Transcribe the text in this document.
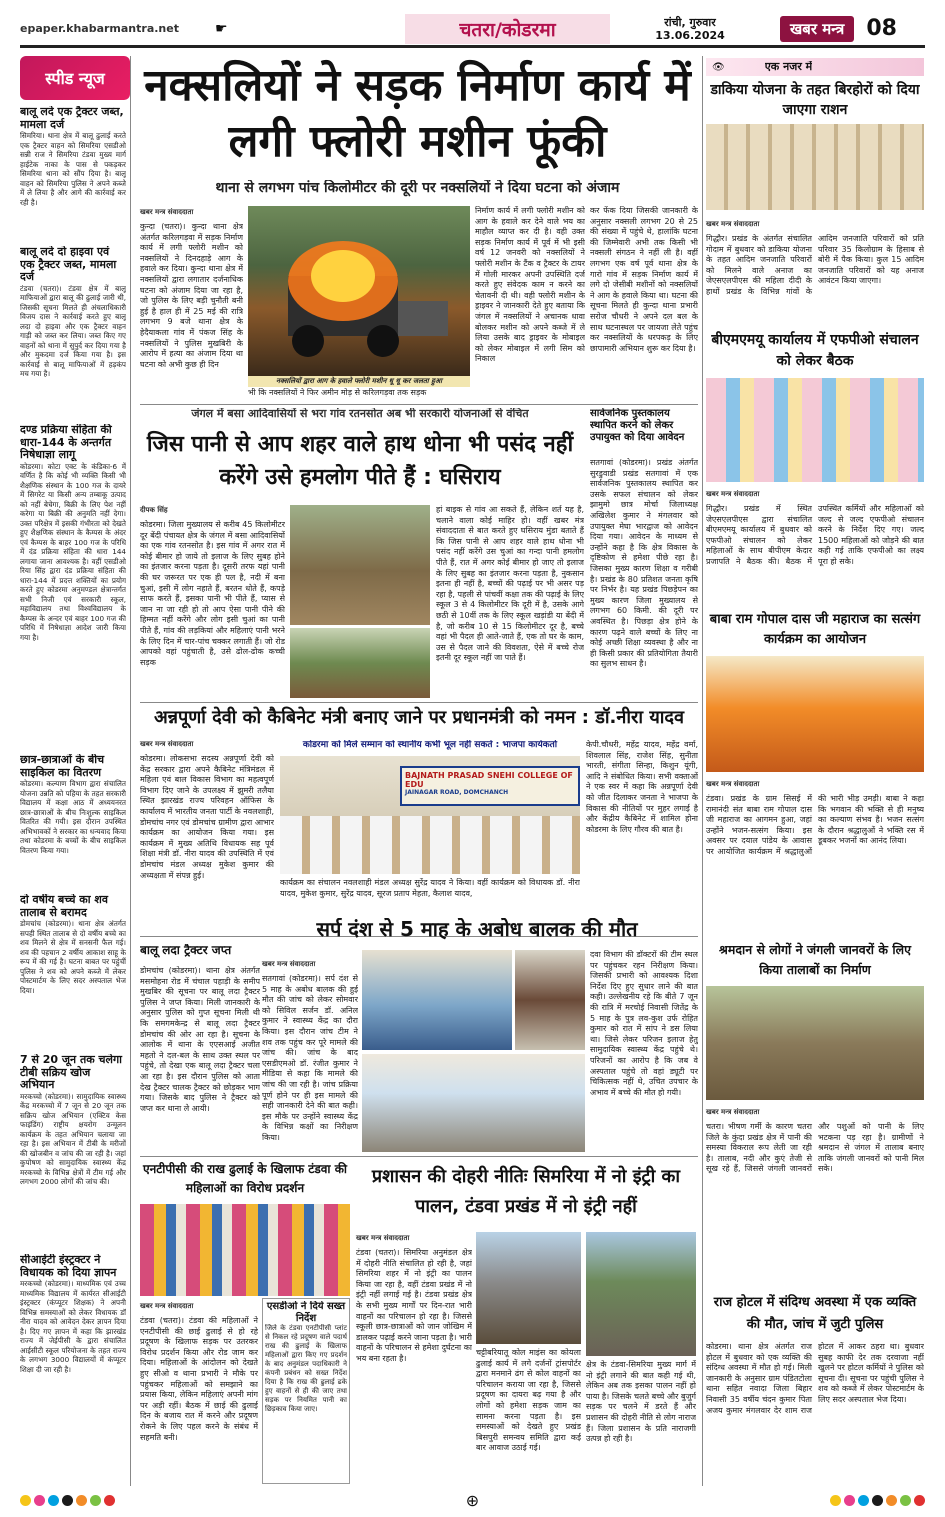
epaper.khabarmantra.net	☛	चतरा/कोडरमा	रांची, गुरुवार
13.06.2024	खबर मन्त्र	08
स्पीड न्यूज
बालू लदे एक ट्रैक्टर जब्त, मामला दर्ज
सिमरिया। थाना क्षेत्र में बालू ढुलाई करते एक ट्रैक्टर वाहन को सिमरिया एसडीओ सन्नी राज ने सिमरिया टंडवा मुख्य मार्ग हाईटेक नाका के पास से पकड़कर सिमरिया थाना को सौंप दिया है। बालू वाहन को सिमरिया पुलिस ने अपने कब्जे में ले लिया है और आगे की कार्रवाई कर रही है।
बालू लदे दो हाइवा एवं एक ट्रैक्टर जब्त, मामला दर्ज
टंडवा (चतरा)। टंडवा क्षेत्र में बालू माफियाओं द्वारा बालू की ढुलाई जारी थी, जिसकी सूचना मिलते ही अंचलाधिकारी विजय दास ने कार्रवाई करते हुए बालू लदा दो हाइवा और एक ट्रैक्टर वाहन गाड़ी को जब्त कर लिया। जब्त किए गए वाहनों को थाना में सुपुर्द कर दिया गया है और मुकदमा दर्ज किया गया है। इस कार्रवाई से बालू माफियाओं में हड़कंप मच गया है।
दण्ड प्रक्रिया संहिता की धारा-144 के अन्तर्गत निषेधाज्ञा लागू
कोडरमा। कोटा एक्ट के कंडिका-6 में वर्णित है कि कोई भी व्यक्ति किसी भी शैक्षणिक संस्थान के 100 गज के दायरे में सिगरेट या किसी अन्य तम्बाकू उत्पाद को नहीं बेचेगा, बिक्री के लिए पेश नहीं करेगा या बिक्री की अनुमति नहीं देगा। उक्त परिक्षेत्र में इसकी गंभीरता को देखते हुए शैक्षणिक संस्थान के कैम्पस के अंदर एवं कैम्पस के बाहर 100 गज के परिधि में दंड प्रक्रिया संहिता की धारा 144 लगाया जाना आवश्यक है। वहीं एसडीओ रिया सिंह द्वारा दंड प्रक्रिया संहिता की धारा-144 में प्रदत्त शक्तियों का प्रयोग करते हुए कोडरमा अनुमण्डल क्षेत्रान्तर्गत सभी निजी एवं सरकारी स्कूल, महाविद्यालय तथा विश्वविद्यालय के कैम्पस के अन्दर एवं बाहर 100 गज की परिधि में निषेधाज्ञा आदेश जारी किया गया है।
छात्र-छात्राओं के बीच साइकिल का वितरण
कोडरमा। कल्याण विभाग द्वारा संचालित योजना उन्नति को पहिया के तहत सरकारी विद्यालय में कक्षा आठ में अध्ययनरत छात्र-छात्राओं के बीच निःशुल्क साइकिल वितरित की गयी। इस दौरान उपस्थित अभिभावकों ने सरकार का धन्यवाद किया तथा कोडरमा के बच्चों के बीच साइकिल वितरण किया गया।
दो वर्षीय बच्चे का शव तालाब से बरामद
डोमचांच (कोडरमा)। थाना क्षेत्र अंतर्गत सपही स्थित तालाब से दो वर्षीय बच्चे का शव मिलने से क्षेत्र में सनसनी फैल गई। शव की पहचान 2 वर्षीय आकाश साहू के रूप में की गई है। घटना बाबत पर पहुंचीं पुलिस ने शव को अपने कब्जे में लेकर पोस्टमार्टम के लिए सदर अस्पताल भेज दिया।
7 से 20 जून तक चलेगा टीबी सक्रिय खोज अभियान
मरकच्चो (कोडरमा)। सामुदायिक स्वास्थ्य केंद्र मरकच्चो में 7 जून से 20 जून तक सक्रिय खोज अभियान (एक्टिव केस फाइंडिंग) राष्ट्रीय क्षयरोग उन्मूलन कार्यक्रम के तहत अभियान चलाया जा रहा है। इस अभियान में टीबी के मरीजों की खोजबीन व जांच की जा रही है। जहां कुपोषण को सामुदायिक स्वास्थ्य केंद्र मरकच्चो के विभिन्न क्षेत्रों में टीम गई और लगभग 2000 लोगों की जांच की।
सीआईटी इंस्ट्रक्टर ने विधायक को दिया ज्ञापन
मरकच्चो (कोडरमा)। माध्यमिक एवं उच्च माध्यमिक विद्यालय में कार्यरत सीआईटी इंस्ट्रक्टर (कंप्यूटर शिक्षक) ने अपनी विभिन्न समस्याओं को लेकर विधायक डॉ नीरा यादव को आवेदन देकर ज्ञापन दिया है। दिए गए ज्ञापन में कहा कि झारखंड राज्य में जेईपीसी के द्वारा संचालित आईसीटी स्कूल परियोजना के तहत राज्य के लगभग 3000 विद्यालयों में कंप्यूटर शिक्षा दी जा रही है।
नक्सलियों ने सड़क निर्माण कार्य में लगी फ्लोरी मशीन फूंकी
थाना से लगभग पांच किलोमीटर की दूरी पर नक्सलियों ने दिया घटना को अंजाम
खबर मन्त्र संवाददाता
कुन्दा (चतरा)। कुन्दा थाना क्षेत्र अंतर्गत करिलगड़वा में सड़क निर्माण कार्य में लगी फ्लोरी मशीन को नक्सलियों ने दिनदहाड़े आग के हवाले कर दिया। कुन्दा थाना क्षेत्र में नक्सलियों द्वारा लगातार दर्जनाधिक घटना को अंजाम दिया जा रहा है, जो पुलिस के लिए बड़ी चुनौती बनी हुई है हाल ही में 25 मई की रात्रि लगभग 9 बजे थाना क्षेत्र के हेदैयाकला गांव में पंकज सिंह के नक्सलियों ने पुलिस मुखबिरी के आरोप में हत्या का अंजाम दिया था घटना को अभी कुछ ही दिन
नक्सलियों द्वारा आग के हवाले फ्लोरी मशीन धू धू कर जलता हुआ
भी कि नक्सलियों ने फिर अमीन मोड़ से करिलगड़वा तक सड़क
निर्माण कार्य में लगी फ्लोरी मशीन को आग के हवाले कर देने वाले भय का माहौल व्याप्त कर दी है। वही उक्त सड़क निर्माण कार्य में पूर्व में भी इसी वर्ष 12 जनवरी को नक्सलियों ने फ्लोरी मशीन के टैंक व ट्रैक्टर के टायर में गोली मारकर अपनी उपस्थिति दर्ज करते हुए संवेदक काम न करने का चेतावनी दी थी। वही फ्लोरी मशीन के ड्राइवर ने जानकारी देते हुए बताया कि जंगल में नक्सलियों ने अचानक धावा बोलकर मशीन को अपने कब्जे में ले लिया उसके बाद ड्राइवर के मोबाइल को लेकर मोबाइल में लगी सिम को निकाल
कर फेंक दिया जिसकी जानकारी के अनुसार नक्सली लगभग 20 से 25 की संख्या में पहुंचे थे, हालांकि घटना की जिम्मेवारी अभी तक किसी भी नक्सली संगठन ने नहीं ली है। वहीं लगभग एक वर्ष पूर्व थाना क्षेत्र के गारो गांव में सड़क निर्माण कार्य में लगे दो जेसीबी मशीनों को नक्सलियों ने आग के हवाले किया था। घटना की सूचना मिलते ही कुन्दा थाना प्रभारी सरोज चौधरी ने अपने दल बल के साथ घटनास्थल पर जायजा लेते पहुंच कर नक्सलियों के धरपकड़ के लिए छापामारी अभियान शुरू कर दिया है।
जंगल में बसा आदिवासियों से भरा गांव रतनसोत अब भी सरकारी योजनाओं से वंचित
जिस पानी से आप शहर वाले हाथ धोना भी पसंद नहीं करेंगे उसे हमलोग पीते हैं : घसिराय
दीपक सिंह
कोडरमा। जिला मुख्यालय से करीब 45 किलोमीटर दूर बेंदी पंचायत क्षेत्र के जंगल में बसा आदिवासियों का एक गांव रतनसोत है। इस गांव में अगर रात में कोई बीमार हो जाये तो इलाज के लिए सुबह होने का इंतजार करना पड़ता है। दूसरी तरफ यहां पानी की घर जरूरत पर एक ही पल है, नदी में बना चुआं, इसी में लोग नहाते हैं, बरतन धोते हैं, कपड़े साफ करते हैं, इसका पानी भी पीते हैं, प्यास से जान ना जा रही हो तो आप ऐसा पानी पीने की हिम्मत नहीं करेंगे और लोग इसी चुआं का पानी पीते हैं, गांव की लड़कियां और महिलाएं पानी भरने के लिए दिन में चार-पांच चक्कर लगाती हैं। जो रोड आपको वहां पहुंचाती है, उसे ढोल-ढोक कच्ची सड़क
हां बाइक से गांव आ सकते हैं, लेकिन शर्त यह है, चलाने वाला कोई माहिर हो। वहीं खबर मंत्र संवाददाता से बात करते हुए घसिराय मुंडा बताते हैं कि जिस पानी से आप शहर वाले हाथ धोना भी पसंद नहीं करेंगे उस चुआं का गन्दा पानी हमलोग पीते हैं, रात में अगर कोई बीमार हो जाए तो इलाज के लिए सुबह का इंतजार करना पड़ता है, नुकसान इतना ही नहीं है, बच्चों की पढ़ाई पर भी असर पड़ रहा है, पहली से पांचवीं कक्षा तक की पढ़ाई के लिए स्कूल 3 से 4 किलोमीटर कि दूरी में है, उसके आगे छठी से 10वीं तक के लिए स्कूल खड़ांडी या बेंदी में है, जो करीब 10 से 15 किलोमीटर दूर है, बच्चे वहां भी पैदल ही आते-जाते हैं, एक तो घर के काम, उस से पैदल जाने की विवशता, ऐसे में बच्चे रोज इतनी दूर स्कूल नहीं जा पाते हैं।
सार्वजनिक पुस्तकालय स्थापित करने को लेकर उपायुक्त को दिया आवेदन
सतगावां (कोडरमा)। प्रखंड अंतर्गत सुरडुवाडी प्रखंड सतगावां में एक सार्वजनिक पुस्तकालय स्थापित कर उसके सफल संचालन को लेकर झामुमो छात्र मोर्चा जिलाध्यक्ष अखिलेश कुमार ने मंगलवार को उपायुक्त मेघा भारद्वाज को आवेदन दिया गया। आवेदन के माध्यम से उन्होंने कहा है कि क्षेत्र विकास के दृष्टिकोण से हमेशा पीछे रहा है। जिसका मुख्य कारण शिक्षा व गरीबी है। प्रखंड के 80 प्रतिशत जनता कृषि पर निर्भर है। यह प्रखंड पिछड़ेपन का मुख्य कारण जिला मुख्यालय से लगभग 60 किमी. की दूरी पर अवस्थित है। पिछड़ा क्षेत्र होने के कारण पढ़ने वाले बच्चों के लिए ना कोई अच्छी शिक्षा व्यवस्था है और ना ही किसी प्रकार की प्रतियोगिता तैयारी का सुलभ साधन है।
अन्नपूर्णा देवी को कैबिनेट मंत्री बनाए जाने पर प्रधानमंत्री को नमन : डॉ.नीरा यादव
खबर मन्त्र संवाददाता
कोडरमा। लोकसभा सदस्य अन्नपूर्णा देवी को केंद्र सरकार द्वारा अपने कैबिनेट मंत्रिमंडल में महिला एवं बाल विकास विभाग का महत्वपूर्ण विभाग दिए जाने के उपलक्ष्य में झुमरी तलैया स्थित झारखंड राज्य परिवहन ऑफिस के कार्यालय में भारतीय जनता पार्टी के नवलशाही, डोमचांच नगर एवं डोमचांच ग्रामीण द्वारा आभार कार्यक्रम का आयोजन किया गया। इस कार्यक्रम में मुख्य अतिथि विधायक सह पूर्व शिक्षा मंत्री डॉ. नीरा यादव की उपस्थिति में एवं डोमचांच मंडल अध्यक्ष मुकेश कुमार की अध्यक्षता में संपन्न हुई।
कोडरमा को मिले सम्मान को स्थानीय कभी भूल नहीं सकते : भाजपा कार्यकर्ता
BAJNATH PRASAD SNEHI COLLEGE OF EDU
JAINAGAR ROAD, DOMCHANCH
कार्यक्रम का संचालन नवलशाही मंडल अध्यक्ष सुरेंद्र यादव ने किया। वहीं कार्यक्रम को विधायक डॉ. नीरा यादव, मुकेश कुमार, सुरेंद्र यादव, सूरज प्रताप मेहता, कैलाश यादव,
केपी.चौधरी, महेंद्र यादव, महेंद्र वर्मा, शिवलाल सिंह, राजेश सिंह, सुनीता भारती, संगीता सिन्हा, किशुन यूंगी, आदि ने संबोधित किया। सभी वक्ताओं ने एक स्वर में कहा कि अन्नपूर्णा देवी को जीत दिलाकर जनता ने भाजपा के विकास की नीतियों पर मुहर लगाई है और केंद्रीय कैबिनेट में शामिल होना कोडरमा के लिए गौरव की बात है।
बालू लदा ट्रैक्टर जप्त
डोमचांच (कोडरमा)। थाना क्षेत्र अंतर्गत मसमोहना रोड में चंचाल पहाड़ी के समीप मुखबिर की सूचना पर बालू लदा ट्रैक्टर पुलिस ने जप्त किया। मिली जानकारी के अनुसार पुलिस को गुप्त सूचना मिली थी कि समगमकेन्द्र से बालू लदा ट्रैक्टर डोमचांच की ओर आ रहा है। सूचना के आलोक में थाना के एएसआई अजीत महतो ने दल-बल के साथ उक्त स्थल पर पहुंचे, तो देखा एक बालू लदा ट्रैक्टर चला आ रहा है। इस दौरान पुलिस को आता देख ट्रैक्टर चालक ट्रैक्टर को छोड़कर भाग गया। जिसके बाद पुलिस ने ट्रैक्टर को जप्त कर थाना ले आयी।
सर्प दंश से 5 माह के अबोध बालक की मौत
खबर मन्त्र संवाददाता
सतगावां (कोडरमा)। सर्प दंश से 5 माह के अबोध बालक की हुई मौत की जांच को लेकर सोमवार को सिविल सर्जन डॉ. अनिल कुमार ने स्वास्थ्य केंद्र का दौरा किया। इस दौरान जांच टीम ने शव तक पहुंच कर पूरे मामले की जांच की। जांच के बाद एसडीएमओ डॉ. रंजीत कुमार ने मीडिया से कहा कि मामले की जांच की जा रही है। जांच प्रक्रिया पूर्ण होने पर ही इस मामले की सही जानकारी देने की बात कही। इस मौके पर उन्होंने स्वास्थ्य केंद्र के विभिन्न कक्षों का निरीक्षण किया।
दवा विभाग की डॉक्टरों की टीम स्थल पर पहुंचकर रहन निरीक्षण किया। जिसकी प्रभारी को आवश्यक दिशा निर्देश दिए हुए सुधार लाने की बात कही। उल्लेखनीय रहे कि बीते 7 जून की रात्रि में मरचोई निवासी जितेंद्र के 5 माह के पुत्र लव-कुश उर्फ रोहित कुमार को रात में सांप ने डस लिया था। जिसे लेकर परिजन इलाज हेतु सामुदायिक स्वास्थ्य केंद्र पहुंचे थे। परिजनों का आरोप है कि जब वे अस्पताल पहुंचे तो वहां ड्यूटी पर चिकित्सक नहीं थे, उचित उपचार के अभाव में बच्चे की मौत हो गयी।
एनटीपीसी की राख ढुलाई के खिलाफ टंडवा की महिलाओं का विरोध प्रदर्शन
खबर मन्त्र संवाददाता
टंडवा (चतरा)। टंडवा की महिलाओं ने एनटीपीसी की छाई ढुलाई से हो रहे प्रदूषण के खिलाफ सड़क पर उतरकर विरोध प्रदर्शन किया और रोड जाम कर दिया। महिलाओं के आंदोलन को देखते हुए सीओ व थाना प्रभारी ने मौके पर पहुंचकर महिलाओं को समझाने का प्रयास किया, लेकिन महिलाएं अपनी मांग पर अड़ी रहीं। बैठक में छाई की ढुलाई दिन के बजाय रात में करने और प्रदूषण रोकने के लिए पहल करने के संबंध में सहमति बनी।
एसडीओ ने दिये सख्त निर्देश
जिले के टंडवा एनटीपीसी प्लांट से निकल रहे प्रदूषण वाले पदार्थ राख की ढुलाई के खिलाफ महिलाओं द्वारा किए गए प्रदर्शन के बाद अनुमंडल पदाधिकारी ने कंपनी प्रबंधन को सख्त निर्देश दिया है कि राख की ढुलाई ढके हुए वाहनों से ही की जाए तथा सड़क पर नियमित पानी का छिड़काव किया जाए।
प्रशासन की दोहरी नीतिः सिमरिया में नो इंट्री का पालन, टंडवा प्रखंड में नो इंट्री नहीं
खबर मन्त्र संवाददाता
टंडवा (चतरा)। सिमरिया अनुमंडल क्षेत्र में दोहरी नीति संचालित हो रही है, जहां सिमरिया शहर में नो इंट्री का पालन किया जा रहा है, वहीं टंडवा प्रखंड में नो इंट्री नहीं लगाई गई है। टंडवा प्रखंड क्षेत्र के सभी मुख्य मार्गों पर दिन-रात भारी वाहनों का परिचालन हो रहा है। जिससे स्कूली छात्र-छात्राओं को जान जोखिम में डालकर पढ़ाई करने जाना पड़ता है। भारी वाहनों के परिचालन से हमेशा दुर्घटना का भय बना रहता है।
चट्टीबरियातू कोल माइंस का कोयला ढुलाई कार्य में लगे दर्जनों ट्रांसपोर्टर द्वारा मनमाने ढंग से कोल वाहनों का परिचालन कराया जा रहा है, जिससे प्रदूषण का दायरा बढ़ गया है और लोगों को हमेशा सड़क जाम का सामना करना पड़ता है। इस समस्याओं को देखते हुए प्रखंड बिसपुरी समन्वय समिति द्वारा कई बार आवाज उठाई गई।
क्षेत्र के टंडवा-सिमरिया मुख्य मार्ग में नो इंट्री लगाने की बात कही गई थी, लेकिन अब तक इसका पालन नहीं हो पाया है। जिसके चलते बच्चे और बुजुर्ग सड़क पर चलने में डरते हैं और प्रशासन की दोहरी नीति से लोग नाराज हैं। जिला प्रशासन के प्रति नाराजगी उत्पन्न हो रही है।
👁	एक नजर में
डाकिया योजना के तहत बिरहोरों को दिया जाएगा राशन
खबर मन्त्र संवाददाता
गिद्धौर। प्रखंड के अंतर्गत संचालित गोदाम में बुधवार को डाकिया योजना के तहत आदिम जनजाति परिवारों को मिलने वाले अनाज का जेएसएलपीएस की महिला दीदी के हाथों प्रखंड के विभिन्न गांवों के आदिम जनजाति परिवारों को प्रति परिवार 35 किलोग्राम के हिसाब से बोरी में पैक किया। कुल 15 आदिम जनजाति परिवारों को यह अनाज आवंटन किया जाएगा।
बीएमएमयू कार्यालय में एफपीओ संचालन को लेकर बैठक
खबर मन्त्र संवाददाता
गिद्धौर। प्रखंड में स्थित जेएसएलपीएस द्वारा संचालित बीएमएमयू कार्यालय में बुधवार को एफपीओ संचालन को लेकर महिलाओं के साथ बीपीएम केदार प्रजापति ने बैठक की। बैठक में उपस्थित कर्मियों और महिलाओं को जल्द से जल्द एफपीओ संचालन करने के निर्देश दिए गए। जल्द 1500 महिलाओं को जोड़ने की बात कही गई ताकि एफपीओ का लक्ष्य पूरा हो सके।
बाबा राम गोपाल दास जी महाराज का सत्संग कार्यक्रम का आयोजन
खबर मन्त्र संवाददाता
टंडवा। प्रखंड के ग्राम सिसई में रामानंदी संत बाबा राम गोपाल दास जी महाराज का आगमन हुआ, जहां उन्होंने भजन-सत्संग किया। इस अवसर पर दयाल पांडेय के आवास पर आयोजित कार्यक्रम में श्रद्धालुओं की भारी भीड़ उमड़ी। बाबा ने कहा कि भगवान की भक्ति से ही मनुष्य का कल्याण संभव है। भजन सत्संग के दौरान श्रद्धालुओं ने भक्ति रस में डूबकर भजनों का आनंद लिया।
श्रमदान से लोगों ने जंगली जानवरों के लिए किया तालाबों का निर्माण
खबर मन्त्र संवाददाता
चतरा। भीषण गर्मी के कारण चतरा जिले के कुंदा प्रखंड क्षेत्र में पानी की समस्या विकराल रूप लेती जा रही है। तालाब, नदी और कुएं तेजी से सूख रहे हैं, जिससे जंगली जानवरों और पशुओं को पानी के लिए भटकना पड़ रहा है। ग्रामीणों ने श्रमदान से जंगल में तालाब बनाए ताकि जंगली जानवरों को पानी मिल सके।
राज होटल में संदिग्ध अवस्था में एक व्यक्ति की मौत, जांच में जुटी पुलिस
कोडरमा। थाना क्षेत्र अंतर्गत राज होटल में बुधवार को एक व्यक्ति की संदिग्ध अवस्था में मौत हो गई। मिली जानकारी के अनुसार ग्राम पंडितटोला थाना सहित नवादा जिला बिहार निवासी 35 वर्षीय चंदन कुमार पिता अजय कुमार मंगलवार देर शाम राज होटल में आकर ठहरा था। बुधवार सुबह काफी देर तक दरवाजा नहीं खुलने पर होटल कर्मियों ने पुलिस को सूचना दी। सूचना पर पहुंची पुलिस ने शव को कब्जे में लेकर पोस्टमार्टम के लिए सदर अस्पताल भेज दिया।
⊕
